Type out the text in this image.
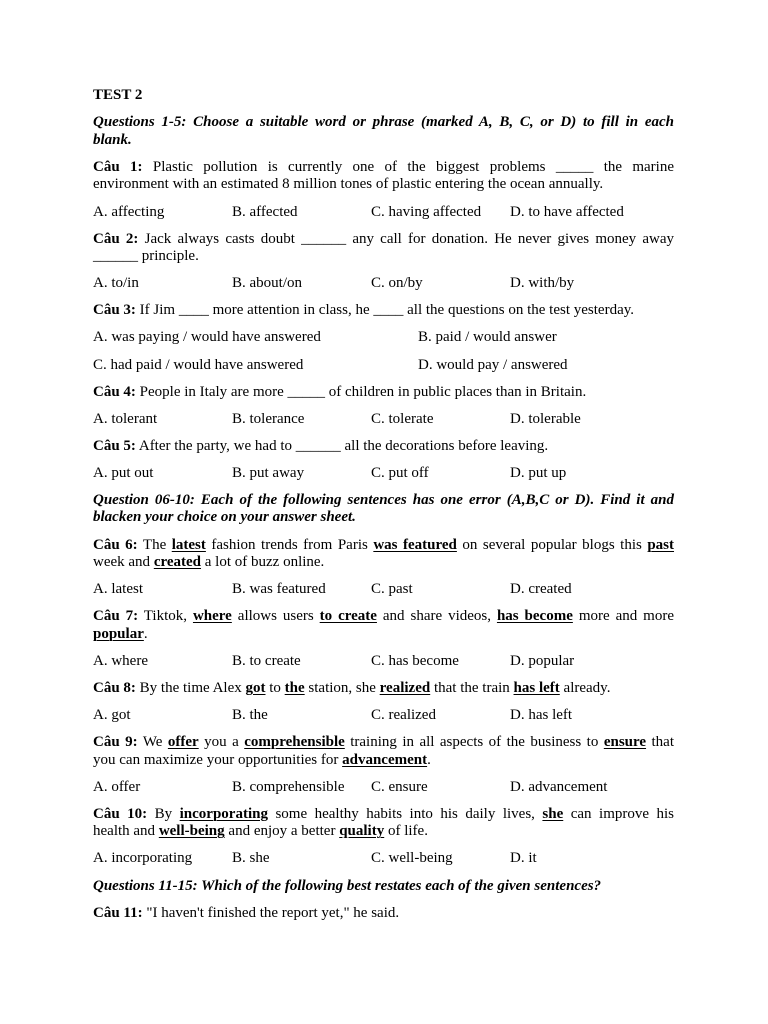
TEST 2
Questions 1-5: Choose a suitable word or phrase (marked A, B, C, or D) to fill in each
blank.
Câu 1: Plastic pollution is currently one of the biggest problems _____ the marine
environment with an estimated 8 million tones of plastic entering the ocean annually.
A. affecting	B. affected	C. having affected	D. to have affected
Câu 2: Jack always casts doubt ______ any call for donation. He never gives money away
______ principle.
A. to/in	B. about/on	C. on/by	D. with/by
Câu 3: If Jim ____ more attention in class, he ____ all the questions on the test yesterday.
A. was paying / would have answered	B. paid / would answer
C. had paid / would have answered	D. would pay / answered
Câu 4: People in Italy are more _____ of children in public places than in Britain.
A. tolerant	B. tolerance	C. tolerate	D. tolerable
Câu 5: After the party, we had to ______ all the decorations before leaving.
A. put out	B. put away	C. put off	D. put up
Question 06-10: Each of the following sentences has one error (A,B,C or D). Find it and
blacken your choice on your answer sheet.
Câu 6: The latest fashion trends from Paris was featured on several popular blogs this past
week and created a lot of buzz online.
A. latest	B. was featured	C. past	D. created
Câu 7: Tiktok, where allows users to create and share videos, has become more and more
popular.
A. where	B. to create	C. has become	D. popular
Câu 8: By the time Alex got to the station, she realized that the train has left already.
A. got	B. the	C. realized	D. has left
Câu 9: We offer you a comprehensible training in all aspects of the business to ensure that
you can maximize your opportunities for advancement.
A. offer	B. comprehensible	C. ensure	D. advancement
Câu 10: By incorporating some healthy habits into his daily lives, she can improve his
health and well-being and enjoy a better quality of life.
A. incorporating	B. she	C. well-being	D. it
Questions 11-15: Which of the following best restates each of the given sentences?
Câu 11: "I haven't finished the report yet," he said.
